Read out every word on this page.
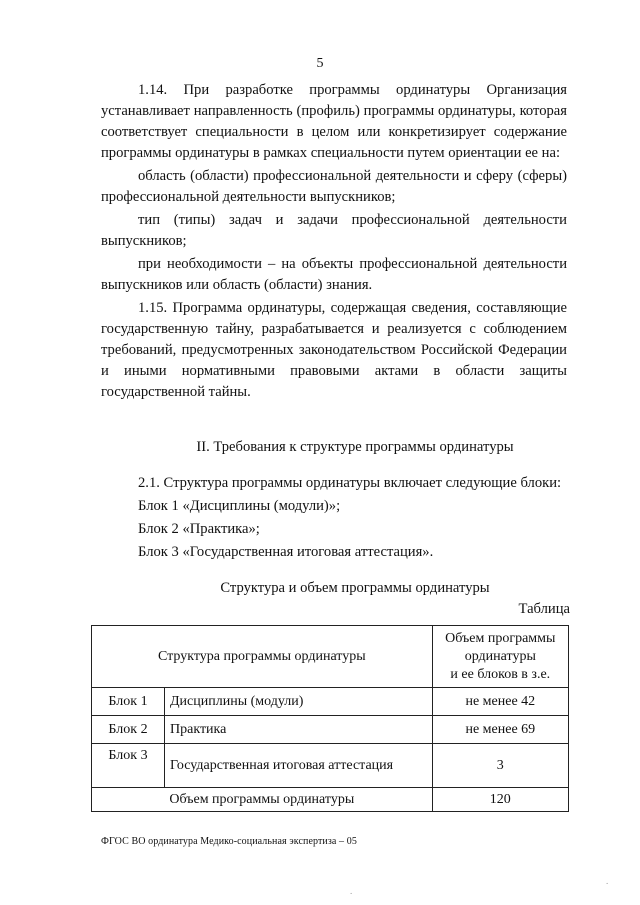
5

1.14. При разработке программы ординатуры Организация устанавливает направленность (профиль) программы ординатуры, которая соответствует специальности в целом или конкретизирует содержание программы ординатуры в рамках специальности путем ориентации ее на:

область (области) профессиональной деятельности и сферу (сферы) профессиональной деятельности выпускников;

тип (типы) задач и задачи профессиональной деятельности выпускников;

при необходимости – на объекты профессиональной деятельности выпускников или область (области) знания.

1.15. Программа ординатуры, содержащая сведения, составляющие государственную тайну, разрабатывается и реализуется с соблюдением требований, предусмотренных законодательством Российской Федерации и иными нормативными правовыми актами в области защиты государственной тайны.

II. Требования к структуре программы ординатуры
2.1. Структура программы ординатуры включает следующие блоки:
Блок 1 «Дисциплины (модули)»;
Блок 2 «Практика»;
Блок 3 «Государственная итоговая аттестация».
Структура и объем программы ординатуры
Таблица
Структура программы ординатуры		Объем программы
ординатуры
и ее блоков в з.е.

Блок 1	Дисциплины (модули)	не менее 42
Блок 2	Практика	не менее 69
Блок 3	Государственная итоговая аттестация	3
Объем программы ординатуры		120
ФГОС ВО ординатура Медико-социальная экспертиза – 05
.
.
